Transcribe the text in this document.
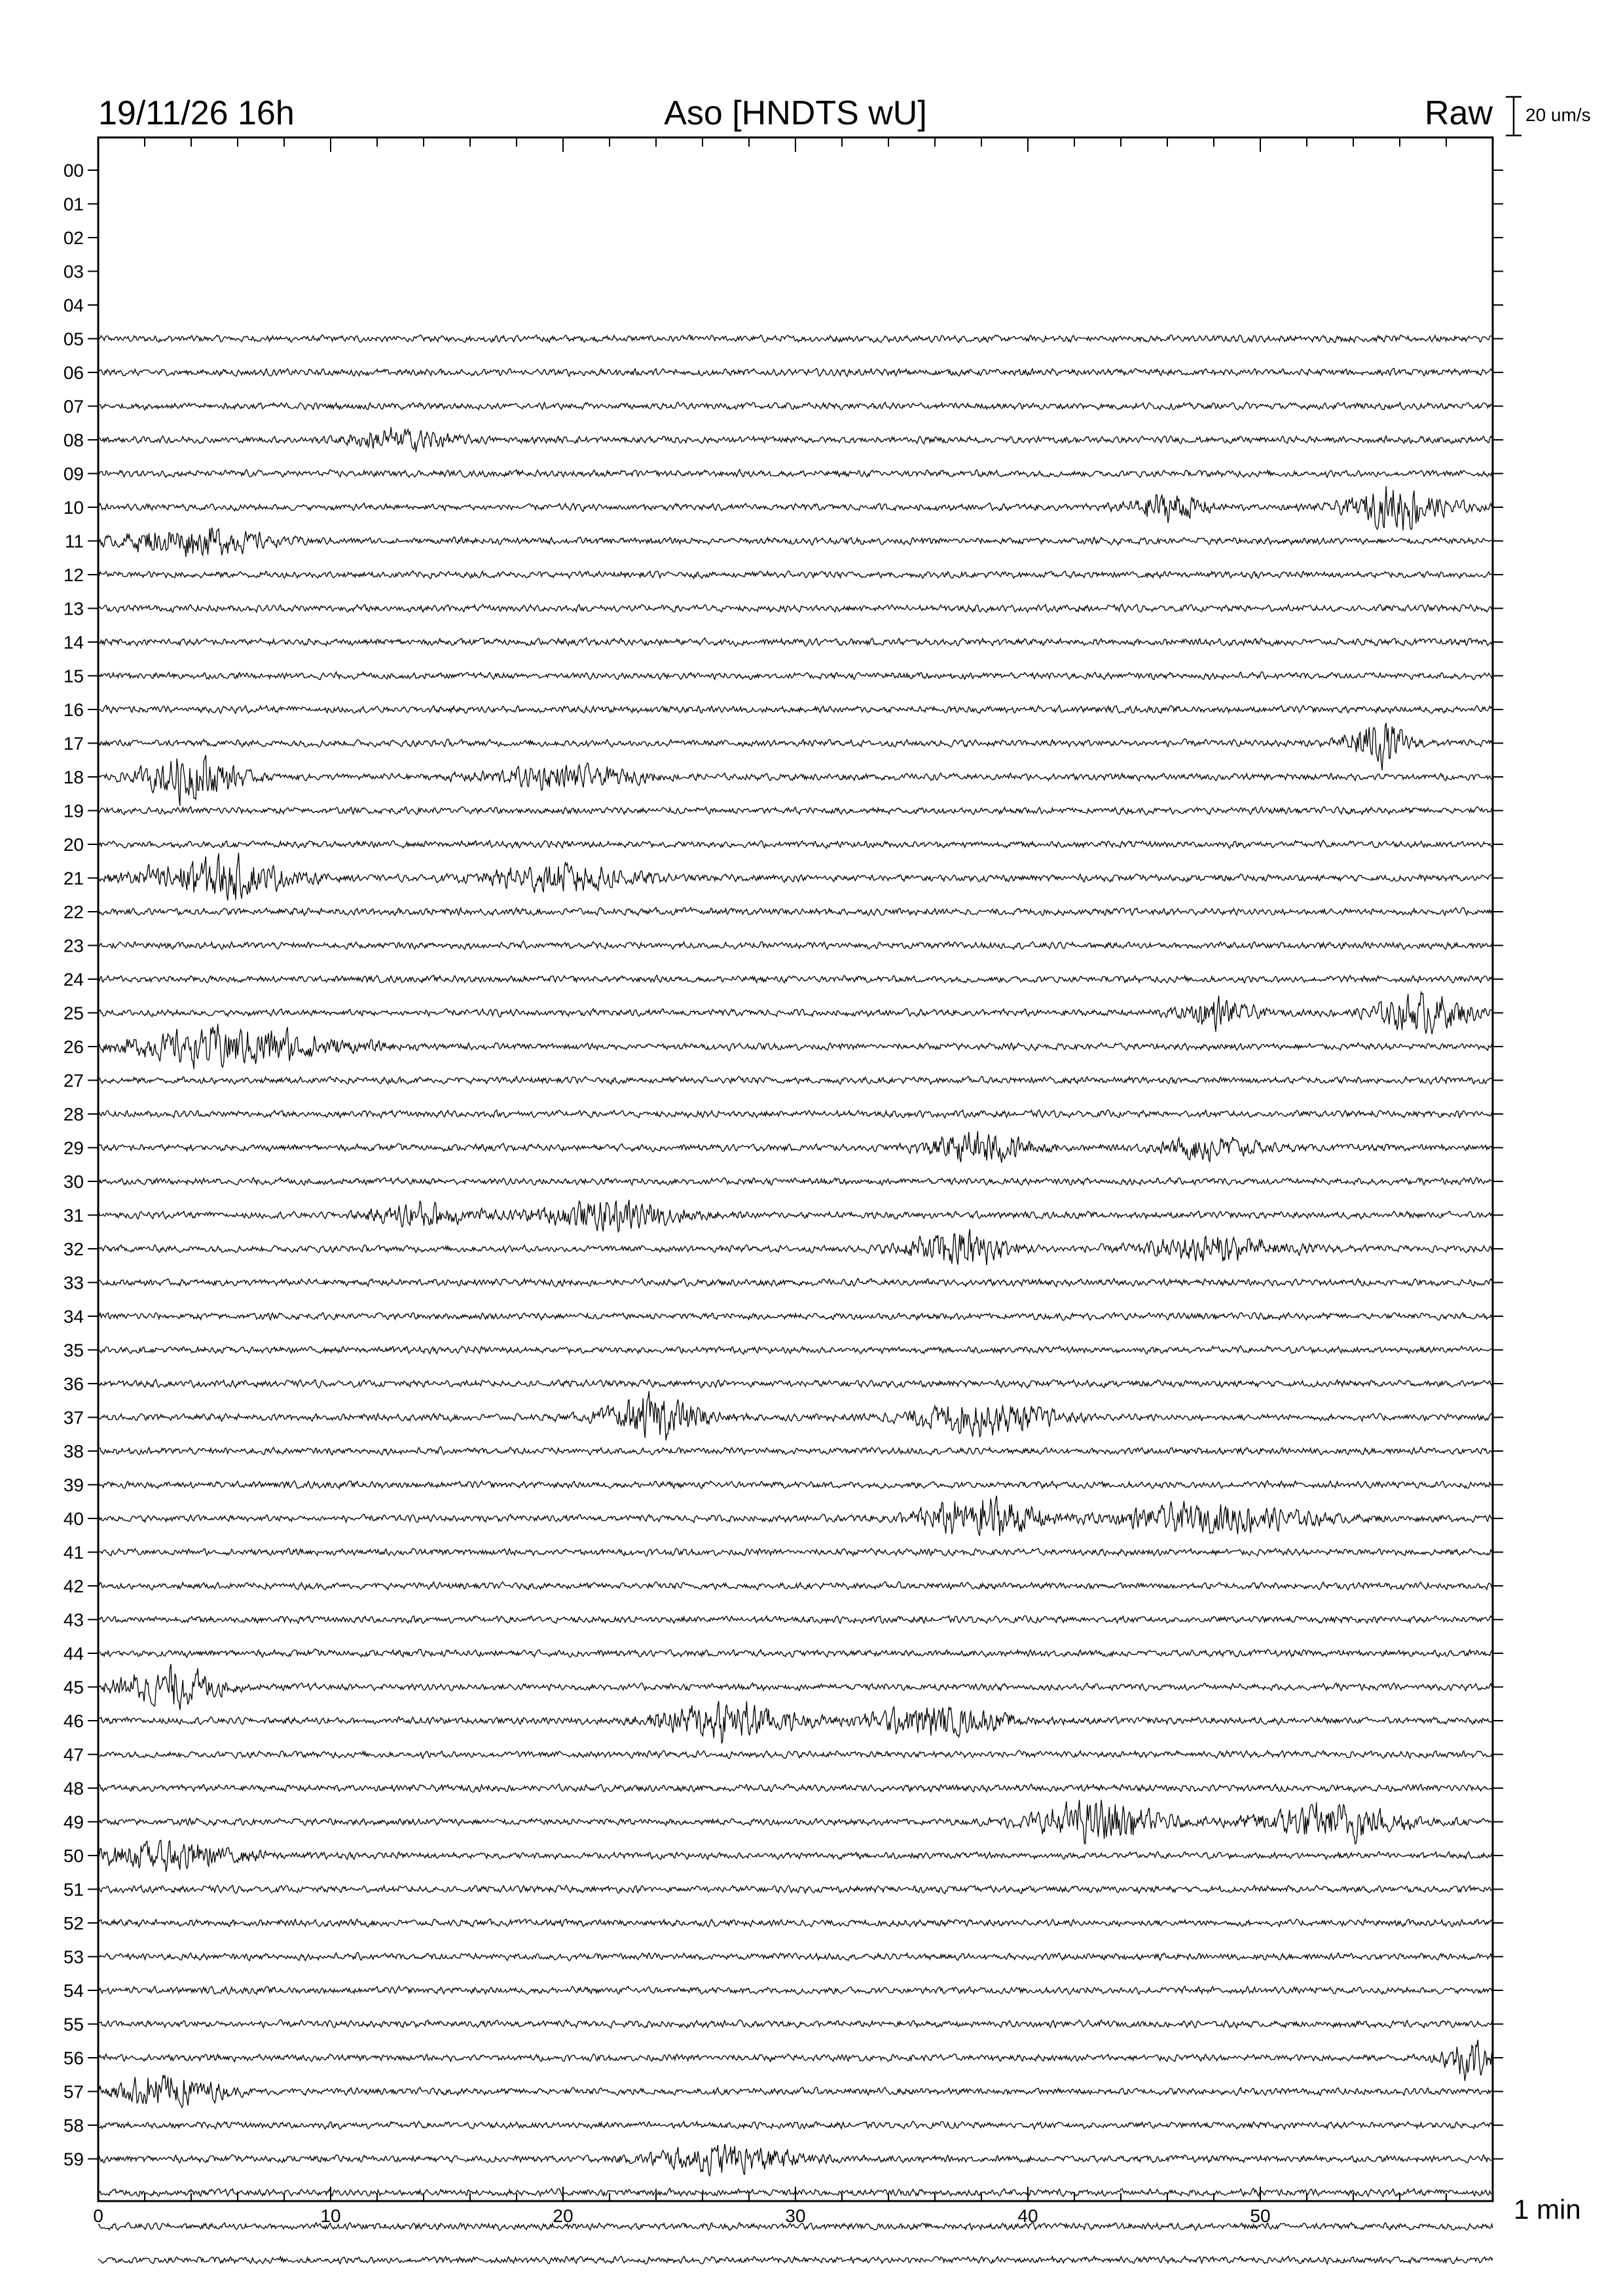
19/11/26 16h	Aso [HNDTS wU]	Raw 20 um/s
0	10	20	30	40	50
00
01
02
03
04
05
06
07
08
09
10
11
12
13
14
15
16
17
18
19
20
21
22
23
24
25
26
27
28
29
30
31
32
33
34
35
36
37
38
39
40
41
42
43
44
45
46
47
48
49
50
51
52
53
54
55
56
57
58
59
1 min
